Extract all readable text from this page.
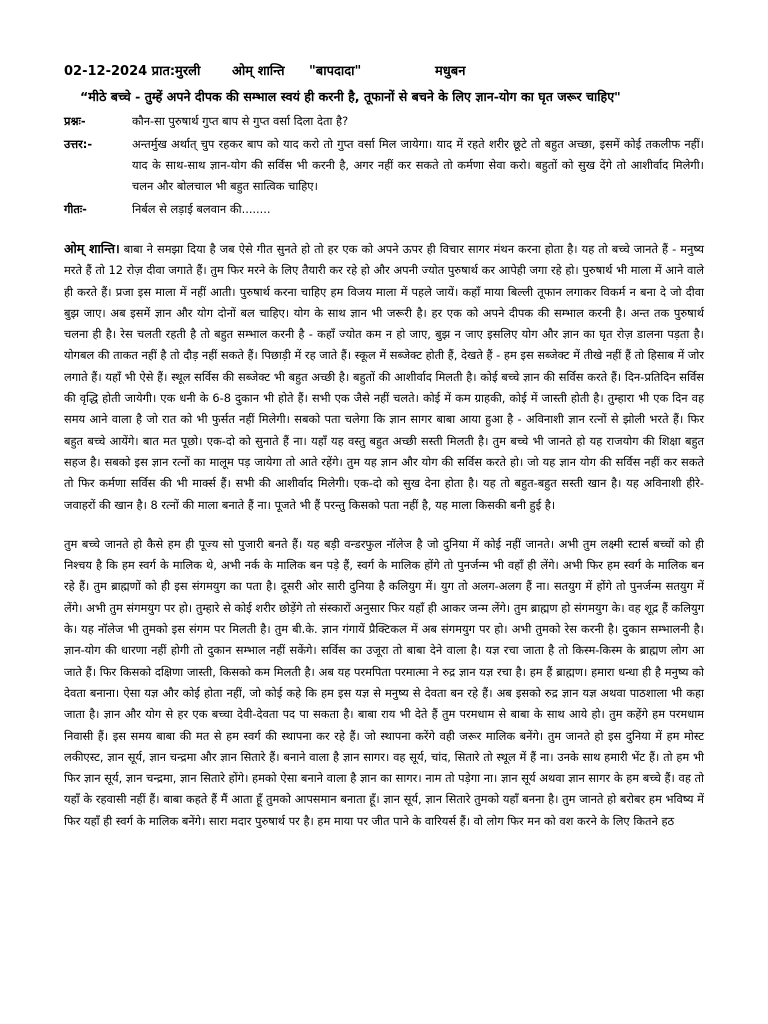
02-12-2024 प्रात:मुरली	ओम् शान्ति	"बापदादा"	मधुबन
“मीठे बच्चे - तुम्हें अपने दीपक की सम्भाल स्वयं ही करनी है, तूफानों से बचने के लिए ज्ञान-योग का घृत जरूर चाहिए"
प्रश्नः-	कौन-सा पुरुषार्थ गुप्त बाप से गुप्त वर्सा दिला देता है?
उत्तर:-	अन्तर्मुख अर्थात् चुप रहकर बाप को याद करो तो गुप्त वर्सा मिल जायेगा। याद में रहते शरीर छूटे तो बहुत अच्छा, इसमें कोई तकलीफ नहीं। याद के साथ-साथ ज्ञान-योग की सर्विस भी करनी है, अगर नहीं कर सकते तो कर्मणा सेवा करो। बहुतों को सुख देंगे तो आशीर्वाद मिलेगी। चलन और बोलचाल भी बहुत सात्विक चाहिए।
गीतः-	निर्बल से लड़ाई बलवान की........

ओम् शान्ति। बाबा ने समझा दिया है जब ऐसे गीत सुनते हो तो हर एक को अपने ऊपर ही विचार सागर मंथन करना होता है। यह तो बच्चे जानते हैं - मनुष्य मरते हैं तो 12 रोज़ दीवा जगाते हैं। तुम फिर मरने के लिए तैयारी कर रहे हो और अपनी ज्योत पुरुषार्थ कर आपेही जगा रहे हो। पुरुषार्थ भी माला में आने वाले ही करते हैं। प्रजा इस माला में नहीं आती। पुरुषार्थ करना चाहिए हम विजय माला में पहले जायें। कहाँ माया बिल्ली तूफान लगाकर विकर्म न बना दे जो दीवा बुझ जाए। अब इसमें ज्ञान और योग दोनों बल चाहिए। योग के साथ ज्ञान भी जरूरी है। हर एक को अपने दीपक की सम्भाल करनी है। अन्त तक पुरुषार्थ चलना ही है। रेस चलती रहती है तो बहुत सम्भाल करनी है - कहाँ ज्योत कम न हो जाए, बुझ न जाए इसलिए योग और ज्ञान का घृत रोज़ डालना पड़ता है। योगबल की ताकत नहीं है तो दौड़ नहीं सकते हैं। पिछाड़ी में रह जाते हैं। स्कूल में सब्जेक्ट होती हैं, देखते हैं - हम इस सब्जेक्ट में तीखे नहीं हैं तो हिसाब में जोर लगाते हैं। यहाँ भी ऐसे हैं। स्थूल सर्विस की सब्जेक्ट भी बहुत अच्छी है। बहुतों की आशीर्वाद मिलती है। कोई बच्चे ज्ञान की सर्विस करते हैं। दिन-प्रतिदिन सर्विस की वृद्धि होती जायेगी। एक धनी के 6-8 दुकान भी होते हैं। सभी एक जैसे नहीं चलते। कोई में कम ग्राहकी, कोई में जास्ती होती है। तुम्हारा भी एक दिन वह समय आने वाला है जो रात को भी फुर्सत नहीं मिलेगी। सबको पता चलेगा कि ज्ञान सागर बाबा आया हुआ है - अविनाशी ज्ञान रत्नों से झोली भरते हैं। फिर बहुत बच्चे आयेंगे। बात मत पूछो। एक-दो को सुनाते हैं ना। यहाँ यह वस्तु बहुत अच्छी सस्ती मिलती है। तुम बच्चे भी जानते हो यह राजयोग की शिक्षा बहुत सहज है। सबको इस ज्ञान रत्नों का मालूम पड़ जायेगा तो आते रहेंगे। तुम यह ज्ञान और योग की सर्विस करते हो। जो यह ज्ञान योग की सर्विस नहीं कर सकते तो फिर कर्मणा सर्विस की भी मार्क्स हैं। सभी की आशीर्वाद मिलेगी। एक-दो को सुख देना होता है। यह तो बहुत-बहुत सस्ती खान है। यह अविनाशी हीरे-जवाहरों की खान है। 8 रत्नों की माला बनाते हैं ना। पूजते भी हैं परन्तु किसको पता नहीं है, यह माला किसकी बनी हुई है।

तुम बच्चे जानते हो कैसे हम ही पूज्य सो पुजारी बनते हैं। यह बड़ी वन्डरफुल नॉलेज है जो दुनिया में कोई नहीं जानते। अभी तुम लक्ष्मी स्टार्स बच्चों को ही निश्चय है कि हम स्वर्ग के मालिक थे, अभी नर्क के मालिक बन पड़े हैं, स्वर्ग के मालिक होंगे तो पुनर्जन्म भी वहाँ ही लेंगे। अभी फिर हम स्वर्ग के मालिक बन रहे हैं। तुम ब्राह्मणों को ही इस संगमयुग का पता है। दूसरी ओर सारी दुनिया है कलियुग में। युग तो अलग-अलग हैं ना। सतयुग में होंगे तो पुनर्जन्म सतयुग में लेंगे। अभी तुम संगमयुग पर हो। तुम्हारे से कोई शरीर छोड़ेंगे तो संस्कारों अनुसार फिर यहाँ ही आकर जन्म लेंगे। तुम ब्राह्मण हो संगमयुग के। वह शूद्र हैं कलियुग के। यह नॉलेज भी तुमको इस संगम पर मिलती है। तुम बी.के. ज्ञान गंगायें प्रैक्टिकल में अब संगमयुग पर हो। अभी तुमको रेस करनी है। दुकान सम्भालनी है। ज्ञान-योग की धारणा नहीं होगी तो दुकान सम्भाल नहीं सकेंगे। सर्विस का उजूरा तो बाबा देने वाला है। यज्ञ रचा जाता है तो किस्म-किस्म के ब्राह्मण लोग आ जाते हैं। फिर किसको दक्षिणा जास्ती, किसको कम मिलती है। अब यह परमपिता परमात्मा ने रुद्र ज्ञान यज्ञ रचा है। हम हैं ब्राह्मण। हमारा धन्धा ही है मनुष्य को देवता बनाना। ऐसा यज्ञ और कोई होता नहीं, जो कोई कहे कि हम इस यज्ञ से मनुष्य से देवता बन रहे हैं। अब इसको रुद्र ज्ञान यज्ञ अथवा पाठशाला भी कहा जाता है। ज्ञान और योग से हर एक बच्चा देवी-देवता पद पा सकता है। बाबा राय भी देते हैं तुम परमधाम से बाबा के साथ आये हो। तुम कहेंगे हम परमधाम निवासी हैं। इस समय बाबा की मत से हम स्वर्ग की स्थापना कर रहे हैं। जो स्थापना करेंगे वही जरूर मालिक बनेंगे। तुम जानते हो इस दुनिया में हम मोस्ट लकीएस्ट, ज्ञान सूर्य, ज्ञान चन्द्रमा और ज्ञान सितारे हैं। बनाने वाला है ज्ञान सागर। वह सूर्य, चांद, सितारे तो स्थूल में हैं ना। उनके साथ हमारी भेंट हैं। तो हम भी फिर ज्ञान सूर्य, ज्ञान चन्द्रमा, ज्ञान सितारे होंगे। हमको ऐसा बनाने वाला है ज्ञान का सागर। नाम तो पड़ेगा ना। ज्ञान सूर्य अथवा ज्ञान सागर के हम बच्चे हैं। वह तो यहाँ के रहवासी नहीं हैं। बाबा कहते हैं मैं आता हूँ तुमको आपसमान बनाता हूँ। ज्ञान सूर्य, ज्ञान सितारे तुमको यहाँ बनना है। तुम जानते हो बरोबर हम भविष्य में फिर यहाँ ही स्वर्ग के मालिक बनेंगे। सारा मदार पुरुषार्थ पर है। हम माया पर जीत पाने के वारियर्स हैं। वो लोग फिर मन को वश करने के लिए कितने हठ
